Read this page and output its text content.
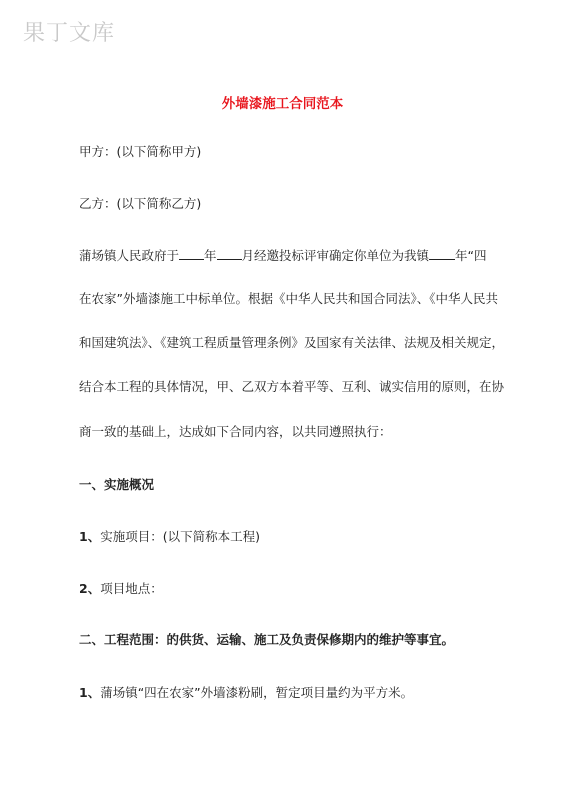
果丁文库
外墙漆施工合同范本
甲方：(以下简称甲方)
乙方：(以下简称乙方)
蒲场镇人民政府于 年 月经邀投标评审确定你单位为我镇 年“四
在农家”外墙漆施工中标单位。根据《中华人民共和国合同法》、《中华人民共
和国建筑法》、《建筑工程质量管理条例》及国家有关法律、法规及相关规定，
结合本工程的具体情况，甲、乙双方本着平等、互利、诚实信用的原则，在协
商一致的基础上，达成如下合同内容，以共同遵照执行：
一、实施概况
1、实施项目：(以下简称本工程)
2、项目地点：
二、工程范围：的供货、运输、施工及负责保修期内的维护等事宜。
1、蒲场镇“四在农家”外墙漆粉刷，暂定项目量约为平方米。
